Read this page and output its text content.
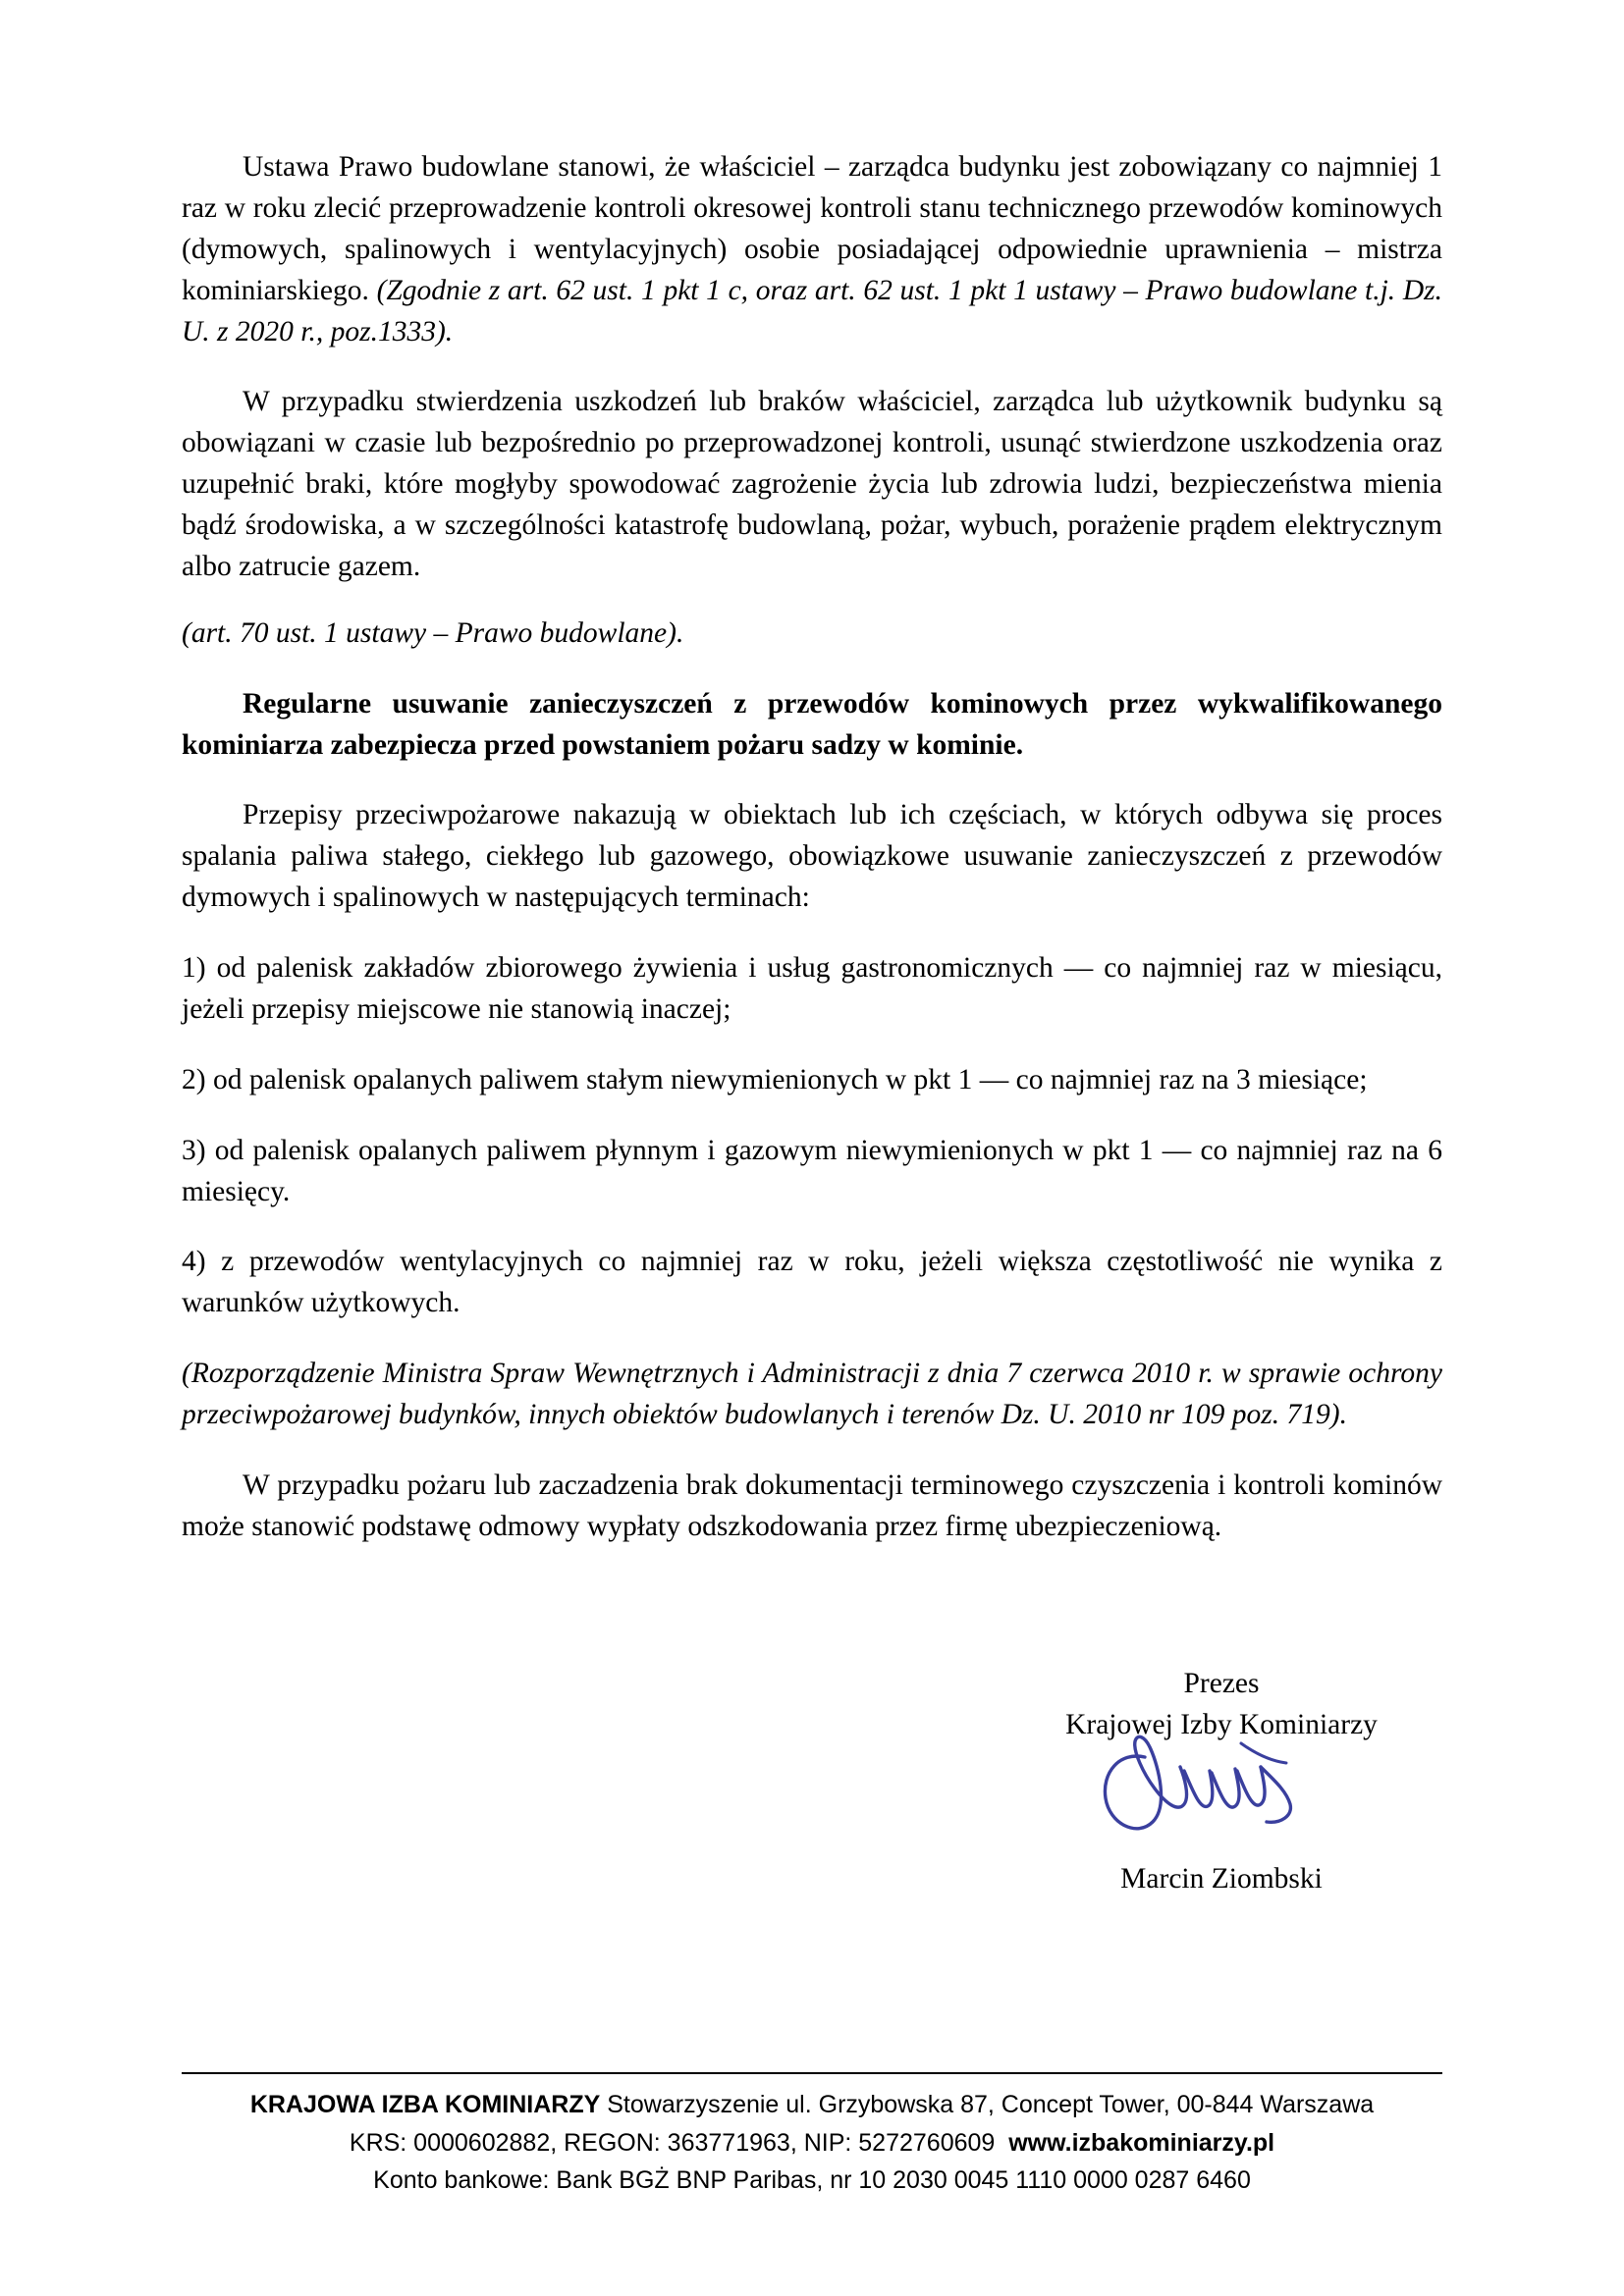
Ustawa Prawo budowlane stanowi, że właściciel – zarządca budynku jest zobowiązany co najmniej 1 raz w roku zlecić przeprowadzenie kontroli okresowej kontroli stanu technicznego przewodów kominowych (dymowych, spalinowych i wentylacyjnych) osobie posiadającej odpowiednie uprawnienia – mistrza kominiarskiego. (Zgodnie z art. 62 ust. 1 pkt 1 c, oraz art. 62 ust. 1 pkt 1 ustawy – Prawo budowlane t.j. Dz. U. z 2020 r., poz.1333).

W przypadku stwierdzenia uszkodzeń lub braków właściciel, zarządca lub użytkownik budynku są obowiązani w czasie lub bezpośrednio po przeprowadzonej kontroli, usunąć stwierdzone uszkodzenia oraz uzupełnić braki, które mogłyby spowodować zagrożenie życia lub zdrowia ludzi, bezpieczeństwa mienia bądź środowiska, a w szczególności katastrofę budowlaną, pożar, wybuch, porażenie prądem elektrycznym albo zatrucie gazem.

(art. 70 ust. 1 ustawy – Prawo budowlane).

Regularne usuwanie zanieczyszczeń z przewodów kominowych przez wykwalifikowanego kominiarza zabezpiecza przed powstaniem pożaru sadzy w kominie.

Przepisy przeciwpożarowe nakazują w obiektach lub ich częściach, w których odbywa się proces spalania paliwa stałego, ciekłego lub gazowego, obowiązkowe usuwanie zanieczyszczeń z przewodów dymowych i spalinowych w następujących terminach:

1) od palenisk zakładów zbiorowego żywienia i usług gastronomicznych — co najmniej raz w miesiącu, jeżeli przepisy miejscowe nie stanowią inaczej;

2) od palenisk opalanych paliwem stałym niewymienionych w pkt 1 — co najmniej raz na 3 miesiące;

3) od palenisk opalanych paliwem płynnym i gazowym niewymienionych w pkt 1 — co najmniej raz na 6 miesięcy.

4) z przewodów wentylacyjnych co najmniej raz w roku, jeżeli większa częstotliwość nie wynika z warunków użytkowych.

(Rozporządzenie Ministra Spraw Wewnętrznych i Administracji z dnia 7 czerwca 2010 r. w sprawie ochrony przeciwpożarowej budynków, innych obiektów budowlanych i terenów Dz. U. 2010 nr 109 poz. 719).

W przypadku pożaru lub zaczadzenia brak dokumentacji terminowego czyszczenia i kontroli kominów może stanowić podstawę odmowy wypłaty odszkodowania przez firmę ubezpieczeniową.

Prezes
Krajowej Izby Kominiarzy
Marcin Ziombski
KRAJOWA IZBA KOMINIARZY Stowarzyszenie ul. Grzybowska 87, Concept Tower, 00-844 Warszawa
KRS: 0000602882, REGON: 363771963, NIP: 5272760609 www.izbakominiarzy.pl
Konto bankowe: Bank BGŻ BNP Paribas, nr 10 2030 0045 1110 0000 0287 6460
